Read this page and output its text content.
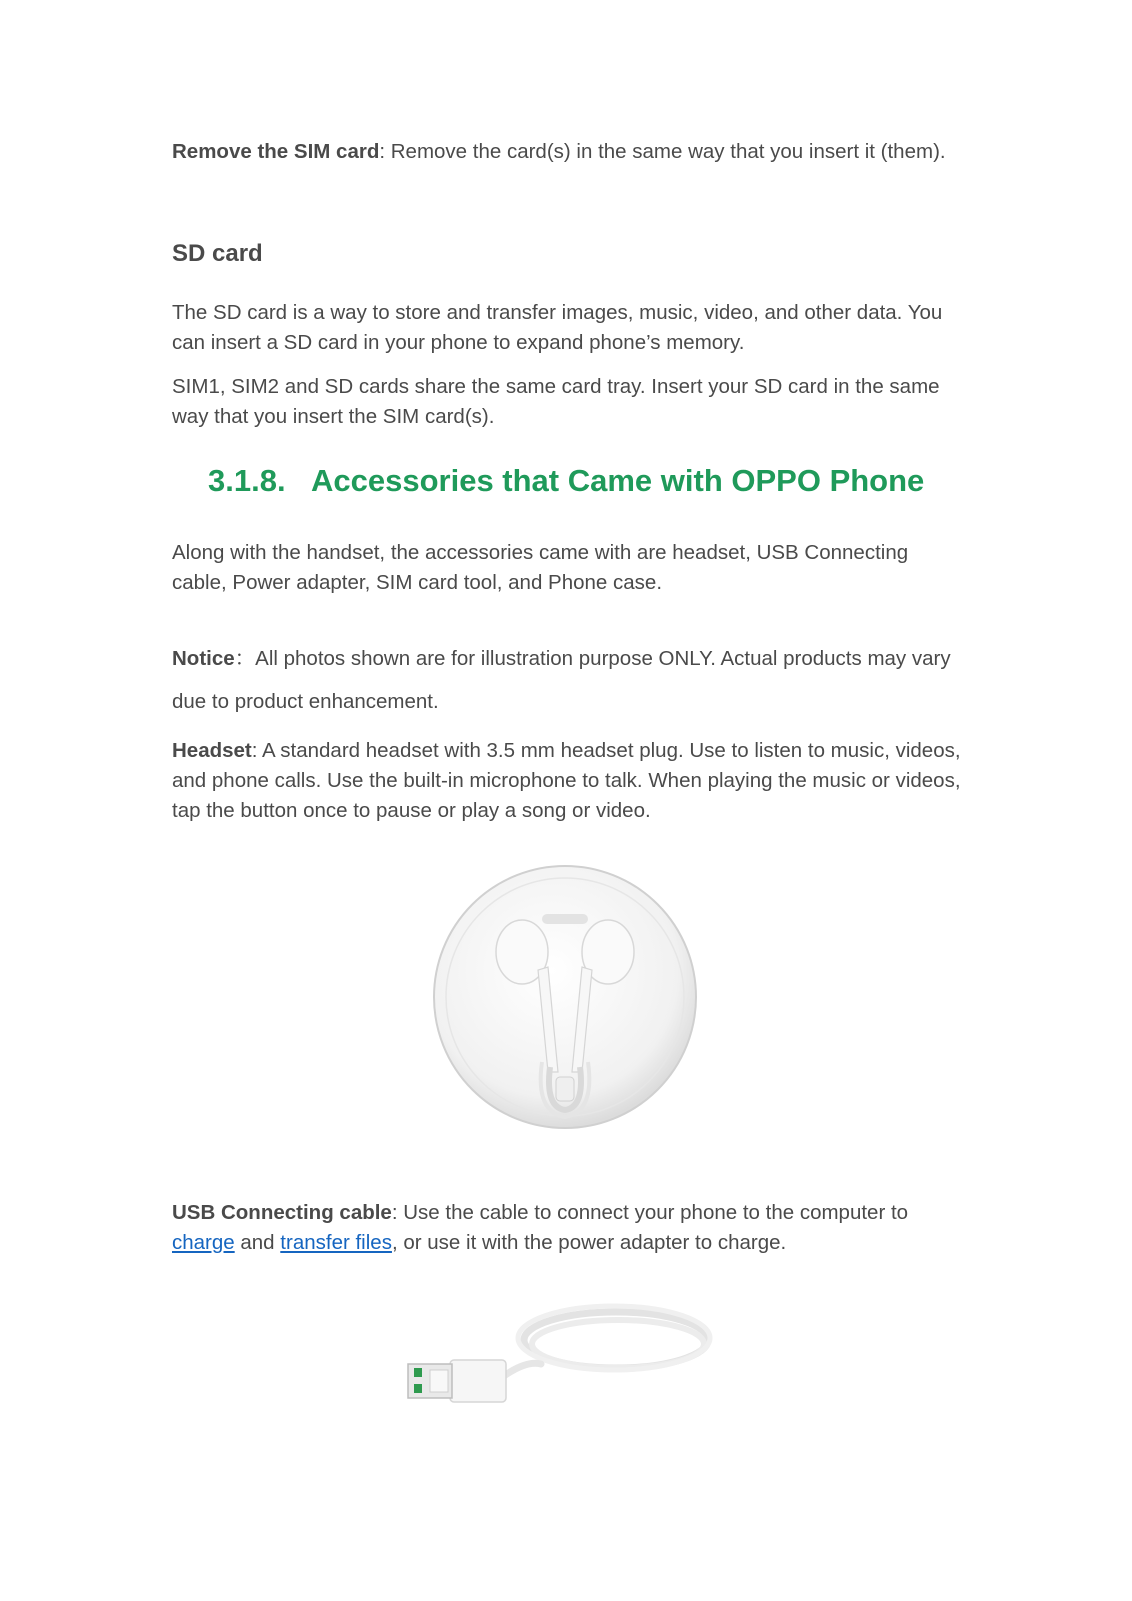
Remove the SIM card: Remove the card(s) in the same way that you insert it (them).

SD card

The SD card is a way to store and transfer images, music, video, and other data. You can insert a SD card in your phone to expand phone’s memory.

SIM1, SIM2 and SD cards share the same card tray. Insert your SD card in the same way that you insert the SIM card(s).

3.1.8. Accessories that Came with OPPO Phone

Along with the handset, the accessories came with are headset, USB Connecting cable, Power adapter, SIM card tool, and Phone case.

Notice：All photos shown are for illustration purpose ONLY. Actual products may vary due to product enhancement.

Headset: A standard headset with 3.5 mm headset plug. Use to listen to music, videos, and phone calls. Use the built-in microphone to talk. When playing the music or videos, tap the button once to pause or play a song or video.

USB Connecting cable: Use the cable to connect your phone to the computer to charge and transfer files, or use it with the power adapter to charge.
